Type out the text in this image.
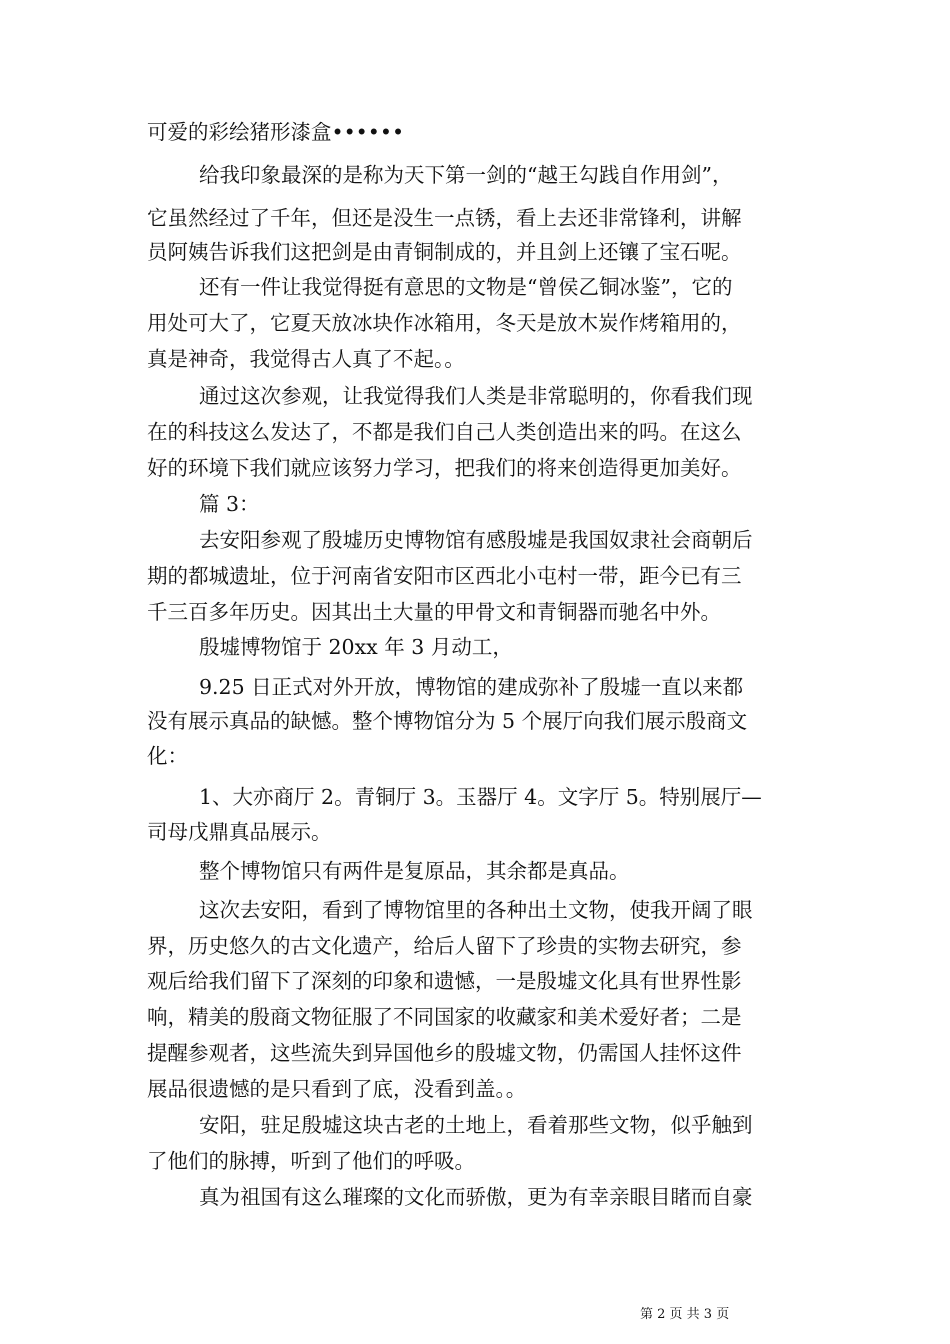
可爱的彩绘猪形漆盒••••••
给我印象最深的是称为天下第一剑的“越王勾践自作用剑”，
它虽然经过了千年，但还是没生一点锈，看上去还非常锋利，讲解
员阿姨告诉我们这把剑是由青铜制成的，并且剑上还镶了宝石呢。
还有一件让我觉得挺有意思的文物是“曾侯乙铜冰鉴”，它的
用处可大了，它夏天放冰块作冰箱用，冬天是放木炭作烤箱用的，
真是神奇，我觉得古人真了不起。。
通过这次参观，让我觉得我们人类是非常聪明的，你看我们现
在的科技这么发达了，不都是我们自己人类创造出来的吗。在这么
好的环境下我们就应该努力学习，把我们的将来创造得更加美好。
篇 3：
去安阳参观了殷墟历史博物馆有感殷墟是我国奴隶社会商朝后
期的都城遗址，位于河南省安阳市区西北小屯村一带，距今已有三
千三百多年历史。因其出土大量的甲骨文和青铜器而驰名中外。
殷墟博物馆于 20xx 年 3 月动工，
9.25 日正式对外开放，博物馆的建成弥补了殷墟一直以来都
没有展示真品的缺憾。整个博物馆分为 5 个展厅向我们展示殷商文
化：
1、大亦商厅 2。青铜厅 3。玉器厅 4。文字厅 5。特别展厅—
司母戊鼎真品展示。
整个博物馆只有两件是复原品，其余都是真品。
这次去安阳，看到了博物馆里的各种出土文物，使我开阔了眼
界，历史悠久的古文化遗产，给后人留下了珍贵的实物去研究，参
观后给我们留下了深刻的印象和遗憾，一是殷墟文化具有世界性影
响，精美的殷商文物征服了不同国家的收藏家和美术爱好者；二是
提醒参观者，这些流失到异国他乡的殷墟文物，仍需国人挂怀这件
展品很遗憾的是只看到了底，没看到盖。。
安阳，驻足殷墟这块古老的土地上，看着那些文物，似乎触到
了他们的脉搏，听到了他们的呼吸。
真为祖国有这么璀璨的文化而骄傲，更为有幸亲眼目睹而自豪
第 2 页 共 3 页
